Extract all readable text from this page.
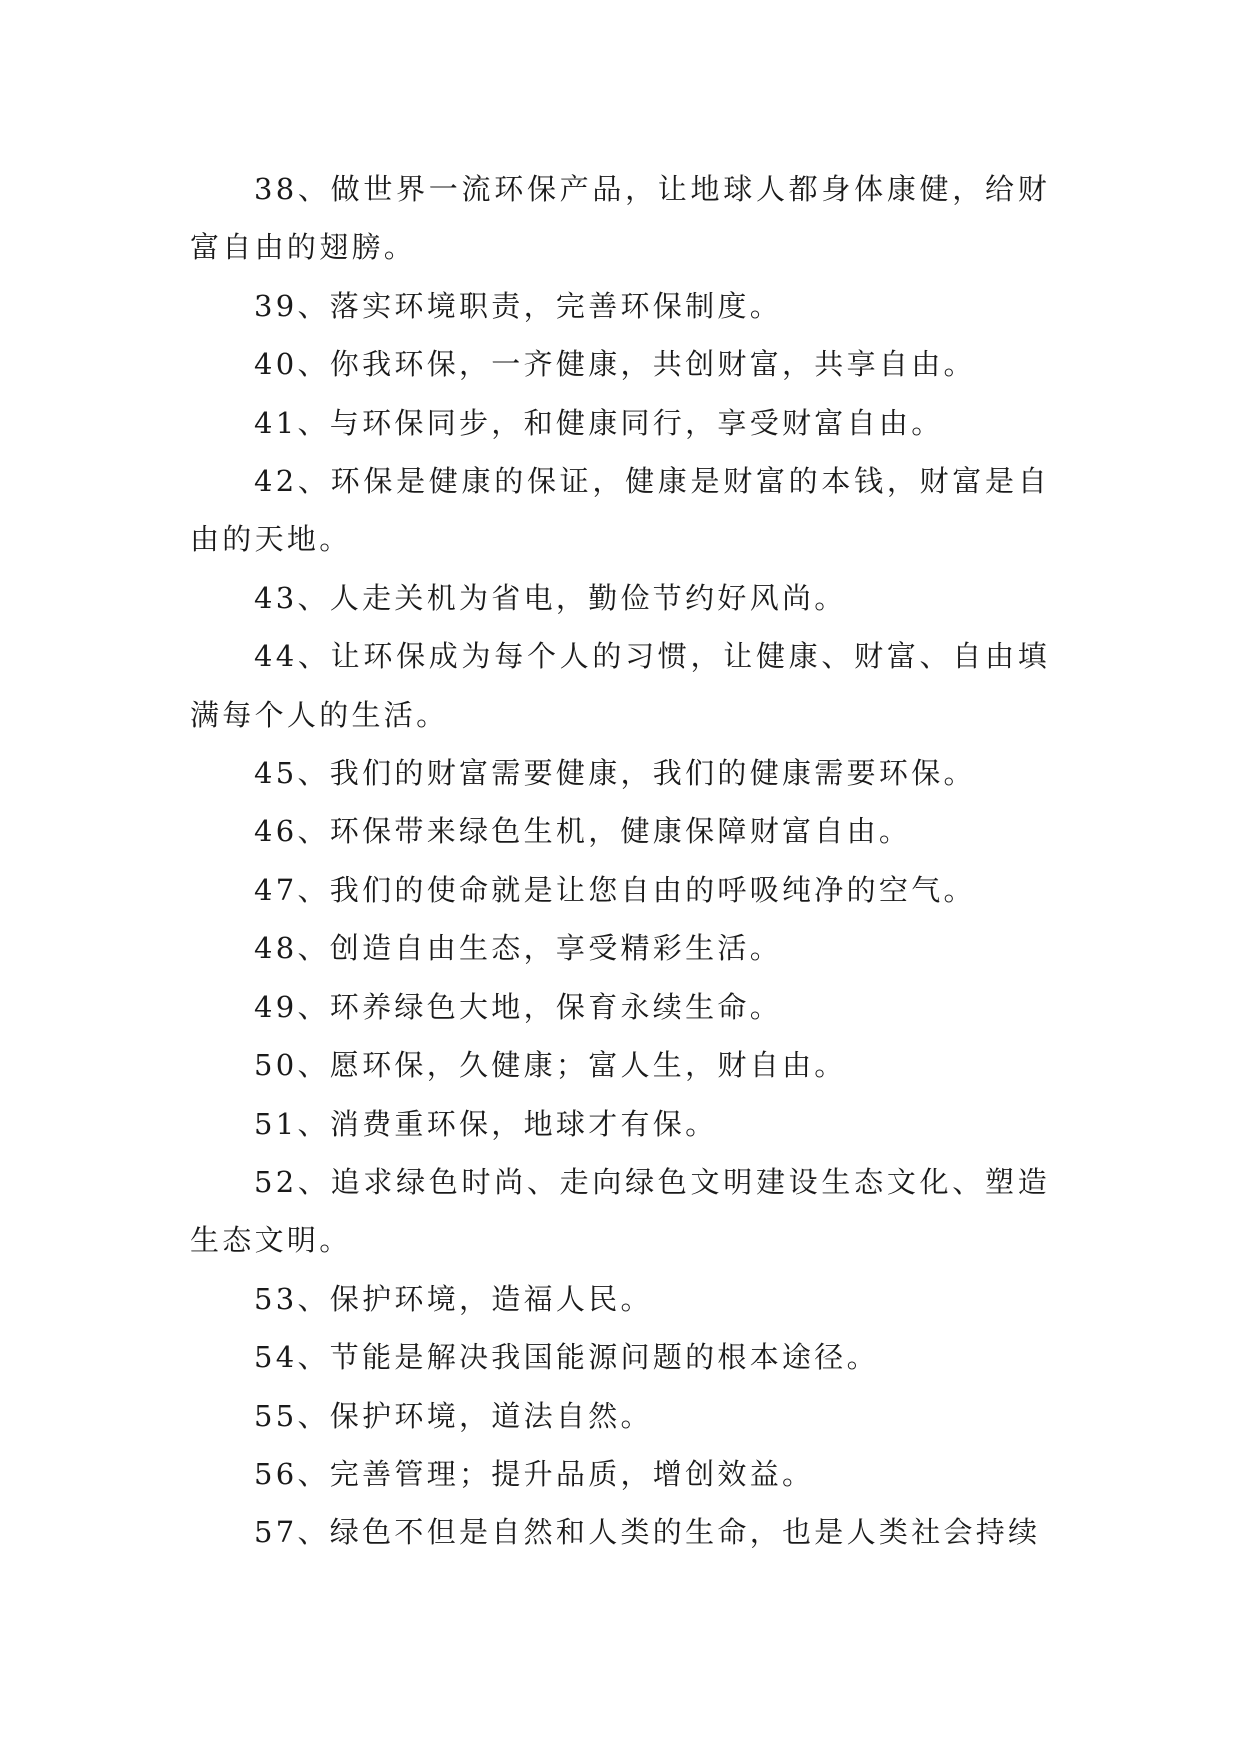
38、做世界一流环保产品，让地球人都身体康健，给财富自由的翅膀。

39、落实环境职责，完善环保制度。

40、你我环保，一齐健康，共创财富，共享自由。

41、与环保同步，和健康同行，享受财富自由。

42、环保是健康的保证，健康是财富的本钱，财富是自由的天地。

43、人走关机为省电，勤俭节约好风尚。

44、让环保成为每个人的习惯，让健康、财富、自由填满每个人的生活。

45、我们的财富需要健康，我们的健康需要环保。

46、环保带来绿色生机，健康保障财富自由。

47、我们的使命就是让您自由的呼吸纯净的空气。

48、创造自由生态，享受精彩生活。

49、环养绿色大地，保育永续生命。

50、愿环保，久健康；富人生，财自由。

51、消费重环保，地球才有保。

52、追求绿色时尚、走向绿色文明建设生态文化、塑造生态文明。

53、保护环境，造福人民。

54、节能是解决我国能源问题的根本途径。

55、保护环境，道法自然。

56、完善管理；提升品质，增创效益。

57、绿色不但是自然和人类的生命，也是人类社会持续
